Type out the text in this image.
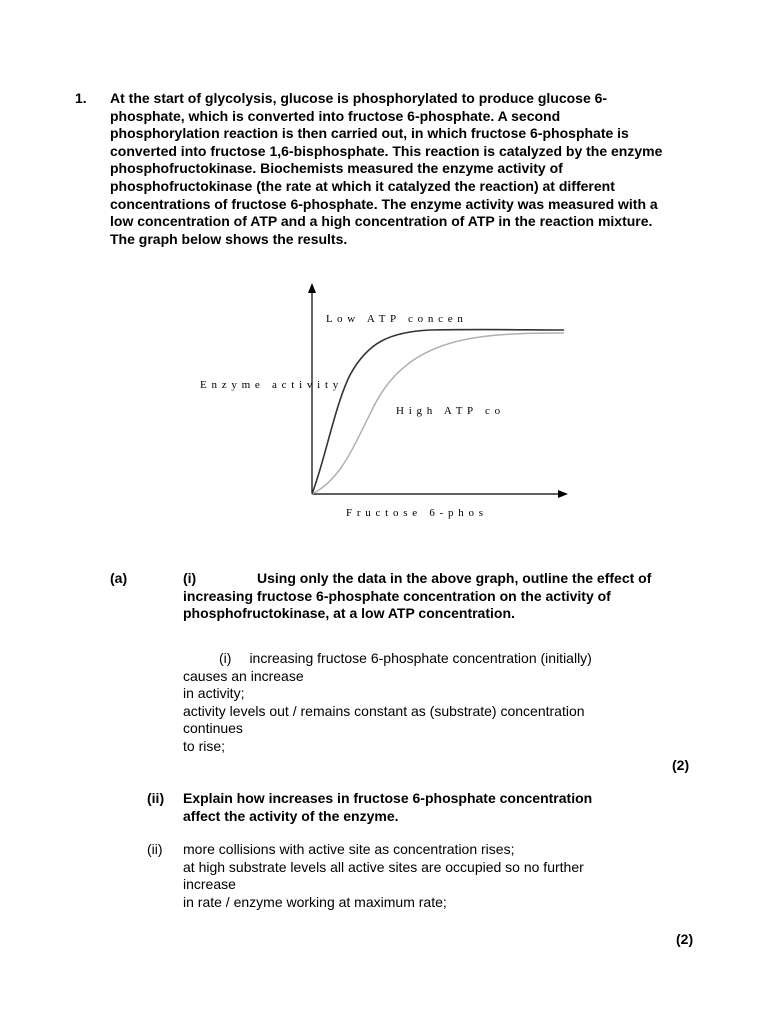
1. At the start of glycolysis, glucose is phosphorylated to produce glucose 6-phosphate, which is converted into fructose 6-phosphate. A second phosphorylation reaction is then carried out, in which fructose 6-phosphate is converted into fructose 1,6-bisphosphate. This reaction is catalyzed by the enzyme phosphofructokinase. Biochemists measured the enzyme activity of phosphofructokinase (the rate at which it catalyzed the reaction) at different concentrations of fructose 6-phosphate. The enzyme activity was measured with a low concentration of ATP and a high concentration of ATP in the reaction mixture. The graph below shows the results.
L o w   A T P   c o n c e n
E n z y m e   a c t i v i t y
H i g h   A T P   c o
F r u c t o s e   6 - p h o s
(a)	(i)	Using only the data in the above graph, outline the effect of increasing fructose 6-phosphate concentration on the activity of phosphofructokinase, at a low ATP concentration.
(i) increasing fructose 6-phosphate concentration (initially)
causes an increase
in activity;
activity levels out / remains constant as (substrate) concentration
continues
to rise;
(2)
(ii) Explain how increases in fructose 6-phosphate concentration
affect the activity of the enzyme.
(ii) more collisions with active site as concentration rises;
at high substrate levels all active sites are occupied so no further
increase
in rate / enzyme working at maximum rate;
(2)
